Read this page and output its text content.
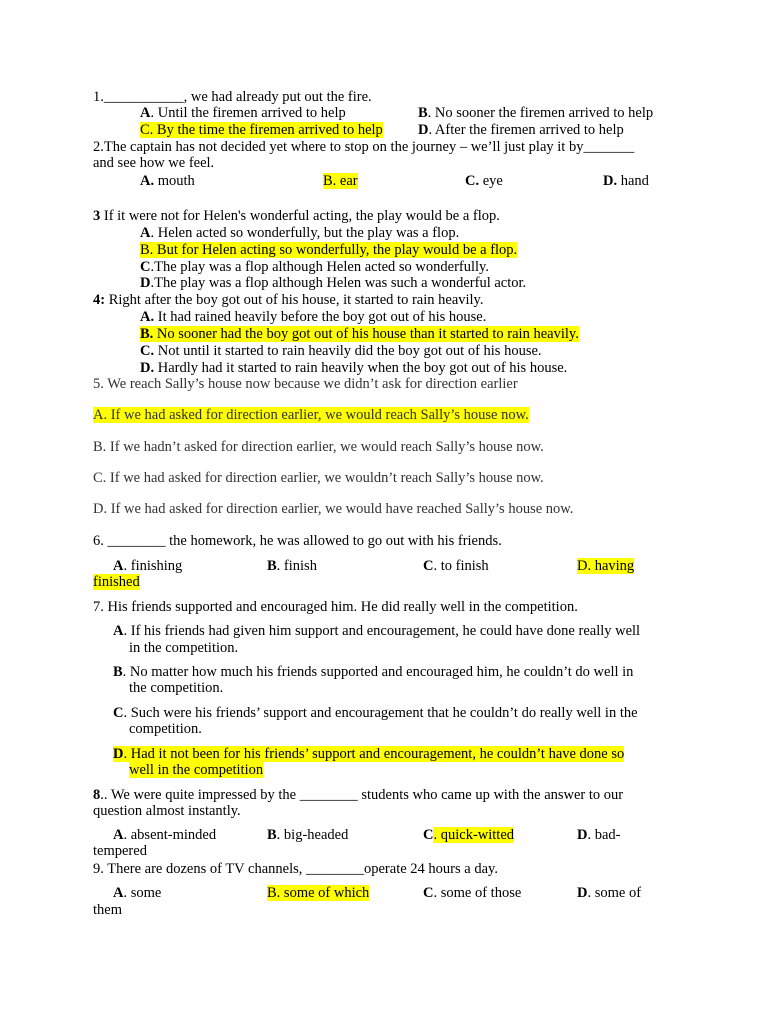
1.___________, we had already put out the fire.
A. Until the firemen arrived to help	B. No sooner the firemen arrived to help
C. By the time the firemen arrived to help D. After the firemen arrived to help
2.The captain has not decided yet where to stop on the journey – we’ll just play it by_______
and see how we feel.
A. mouth	B. ear	C. eye	D. hand
3 If it were not for Helen's wonderful acting, the play would be a flop.
A. Helen acted so wonderfully, but the play was a flop.
B. But for Helen acting so wonderfully, the play would be a flop.
C.The play was a flop although Helen acted so wonderfully.
D.The play was a flop although Helen was such a wonderful actor.
4: Right after the boy got out of his house, it started to rain heavily.
A. It had rained heavily before the boy got out of his house.
B. No sooner had the boy got out of his house than it started to rain heavily.
C. Not until it started to rain heavily did the boy got out of his house.
D. Hardly had it started to rain heavily when the boy got out of his house.
5. We reach Sally’s house now because we didn’t ask for direction earlier
A. If we had asked for direction earlier, we would reach Sally’s house now.
B. If we hadn’t asked for direction earlier, we would reach Sally’s house now.
C. If we had asked for direction earlier, we wouldn’t reach Sally’s house now.
D. If we had asked for direction earlier, we would have reached Sally’s house now.
6. ________ the homework, he was allowed to go out with his friends.
A. finishing	B. finish	C. to finish	D. having
finished
7. His friends supported and encouraged him. He did really well in the competition.
A. If his friends had given him support and encouragement, he could have done really well
in the competition.
B. No matter how much his friends supported and encouraged him, he couldn’t do well in
the competition.
C. Such were his friends’ support and encouragement that he couldn’t do really well in the
competition.
D. Had it not been for his friends’ support and encouragement, he couldn’t have done so
well in the competition
8.. We were quite impressed by the ________ students who came up with the answer to our
question almost instantly.
A. absent-minded	B. big-headed	C. quick-witted	D. bad-
tempered
9. There are dozens of TV channels, ________operate 24 hours a day.
A. some	B. some of which	C. some of those	D. some of
them
